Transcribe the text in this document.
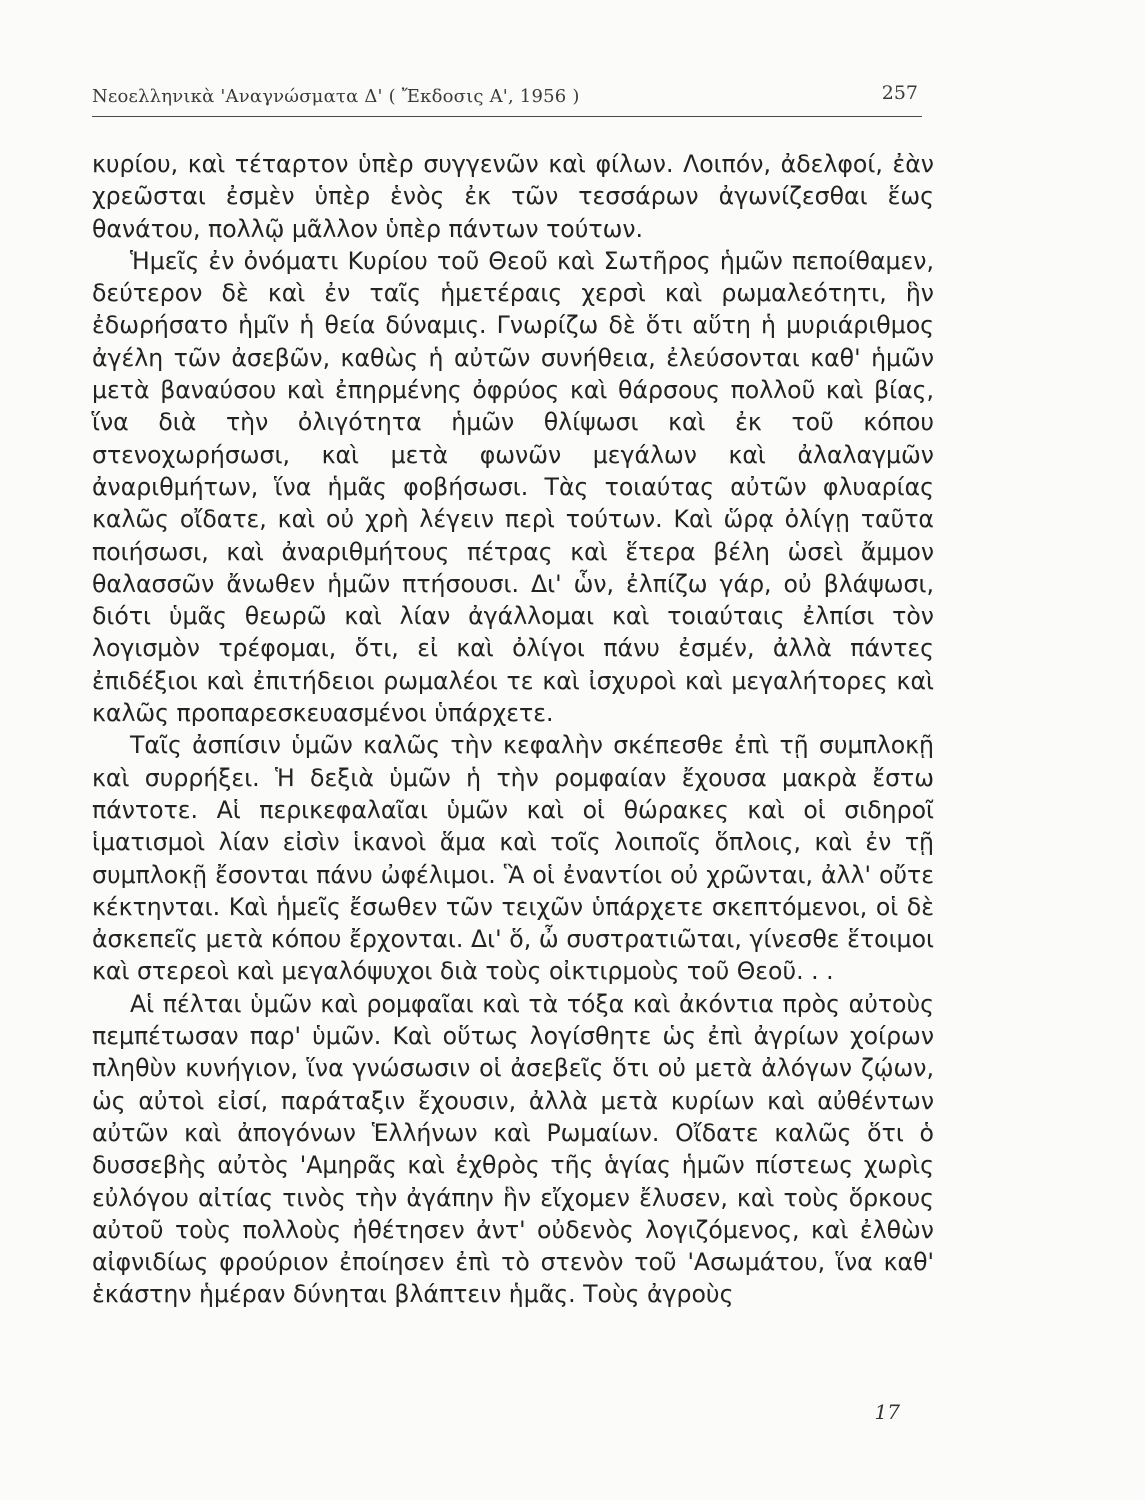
Νεοελληνικὰ 'Αναγνώσματα Δ' ( Ἔκδοσις Α', 1956 )	257

κυρίου, καὶ τέταρτον ὑπὲρ συγγενῶν καὶ φίλων. Λοιπόν, ἀδελφοί, ἐὰν χρεῶσται ἐσμὲν ὑπὲρ ἑνὸς ἐκ τῶν τεσσάρων ἀγωνίζεσθαι ἕως θανάτου, πολλῷ μᾶλλον ὑπὲρ πάντων τούτων.

Ἡμεῖς ἐν ὀνόματι Κυρίου τοῦ Θεοῦ καὶ Σωτῆρος ἡμῶν πεποίθαμεν, δεύτερον δὲ καὶ ἐν ταῖς ἡμετέραις χερσὶ καὶ ρωμαλεότητι, ἣν ἐδωρήσατο ἡμῖν ἡ θεία δύναμις. Γνωρίζω δὲ ὅτι αὕτη ἡ μυριάριθμος ἀγέλη τῶν ἀσεβῶν, καθὼς ἡ αὐτῶν συνήθεια, ἐλεύσονται καθ' ἡμῶν μετὰ βαναύσου καὶ ἐπηρμένης ὀφρύος καὶ θάρσους πολλοῦ καὶ βίας, ἵνα διὰ τὴν ὀλιγότητα ἡμῶν θλίψωσι καὶ ἐκ τοῦ κόπου στενοχωρήσωσι, καὶ μετὰ φωνῶν μεγάλων καὶ ἀλαλαγμῶν ἀναριθμήτων, ἵνα ἡμᾶς φοβήσωσι. Τὰς τοιαύτας αὐτῶν φλυαρίας καλῶς οἴδατε, καὶ οὐ χρὴ λέγειν περὶ τούτων. Καὶ ὥρᾳ ὀλίγῃ ταῦτα ποιήσωσι, καὶ ἀναριθμήτους πέτρας καὶ ἕτερα βέλη ὡσεὶ ἄμμον θαλασσῶν ἄνωθεν ἡμῶν πτήσουσι. Δι' ὧν, ἐλπίζω γάρ, οὐ βλάψωσι, διότι ὑμᾶς θεωρῶ καὶ λίαν ἀγάλλομαι καὶ τοιαύταις ἐλπίσι τὸν λογισμὸν τρέφομαι, ὅτι, εἰ καὶ ὀλίγοι πάνυ ἐσμέν, ἀλλὰ πάντες ἐπιδέξιοι καὶ ἐπιτήδειοι ρωμαλέοι τε καὶ ἰσχυροὶ καὶ μεγαλήτορες καὶ καλῶς προπαρεσκευασμένοι ὑπάρχετε.

Ταῖς ἀσπίσιν ὑμῶν καλῶς τὴν κεφαλὴν σκέπεσθε ἐπὶ τῇ συμπλοκῇ καὶ συρρήξει. Ἡ δεξιὰ ὑμῶν ἡ τὴν ρομφαίαν ἔχουσα μακρὰ ἔστω πάντοτε. Αἱ περικεφαλαῖαι ὑμῶν καὶ οἱ θώρακες καὶ οἱ σιδηροῖ ἱματισμοὶ λίαν εἰσὶν ἱκανοὶ ἅμα καὶ τοῖς λοιποῖς ὅπλοις, καὶ ἐν τῇ συμπλοκῇ ἔσονται πάνυ ὠφέλιμοι. Ἃ οἱ ἐναντίοι οὐ χρῶνται, ἀλλ' οὔτε κέκτηνται. Καὶ ἡμεῖς ἔσωθεν τῶν τειχῶν ὑπάρχετε σκεπτόμενοι, οἱ δὲ ἀσκεπεῖς μετὰ κόπου ἔρχονται. Δι' ὅ, ὦ συστρατιῶται, γίνεσθε ἕτοιμοι καὶ στερεοὶ καὶ μεγαλόψυχοι διὰ τοὺς οἰκτιρμοὺς τοῦ Θεοῦ. . .

Αἱ πέλται ὑμῶν καὶ ρομφαῖαι καὶ τὰ τόξα καὶ ἀκόντια πρὸς αὐτοὺς πεμπέτωσαν παρ' ὑμῶν. Καὶ οὕτως λογίσθητε ὡς ἐπὶ ἀγρίων χοίρων πληθὺν κυνήγιον, ἵνα γνώσωσιν οἱ ἀσεβεῖς ὅτι οὐ μετὰ ἀλόγων ζῴων, ὡς αὐτοὶ εἰσί, παράταξιν ἔχουσιν, ἀλλὰ μετὰ κυρίων καὶ αὐθέντων αὐτῶν καὶ ἀπογόνων Ἑλλήνων καὶ Ρωμαίων. Οἴδατε καλῶς ὅτι ὁ δυσσεβὴς αὐτὸς 'Αμηρᾶς καὶ ἐχθρὸς τῆς ἁγίας ἡμῶν πίστεως χωρὶς εὐλόγου αἰτίας τινὸς τὴν ἀγάπην ἣν εἴχομεν ἔλυσεν, καὶ τοὺς ὅρκους αὐτοῦ τοὺς πολλοὺς ἠθέτησεν ἀντ' οὐδενὸς λογιζόμενος, καὶ ἐλθὼν αἰφνιδίως φρούριον ἐποίησεν ἐπὶ τὸ στενὸν τοῦ 'Ασωμάτου, ἵνα καθ' ἑκάστην ἡμέραν δύνηται βλάπτειν ἡμᾶς. Τοὺς ἀγροὺς

17
